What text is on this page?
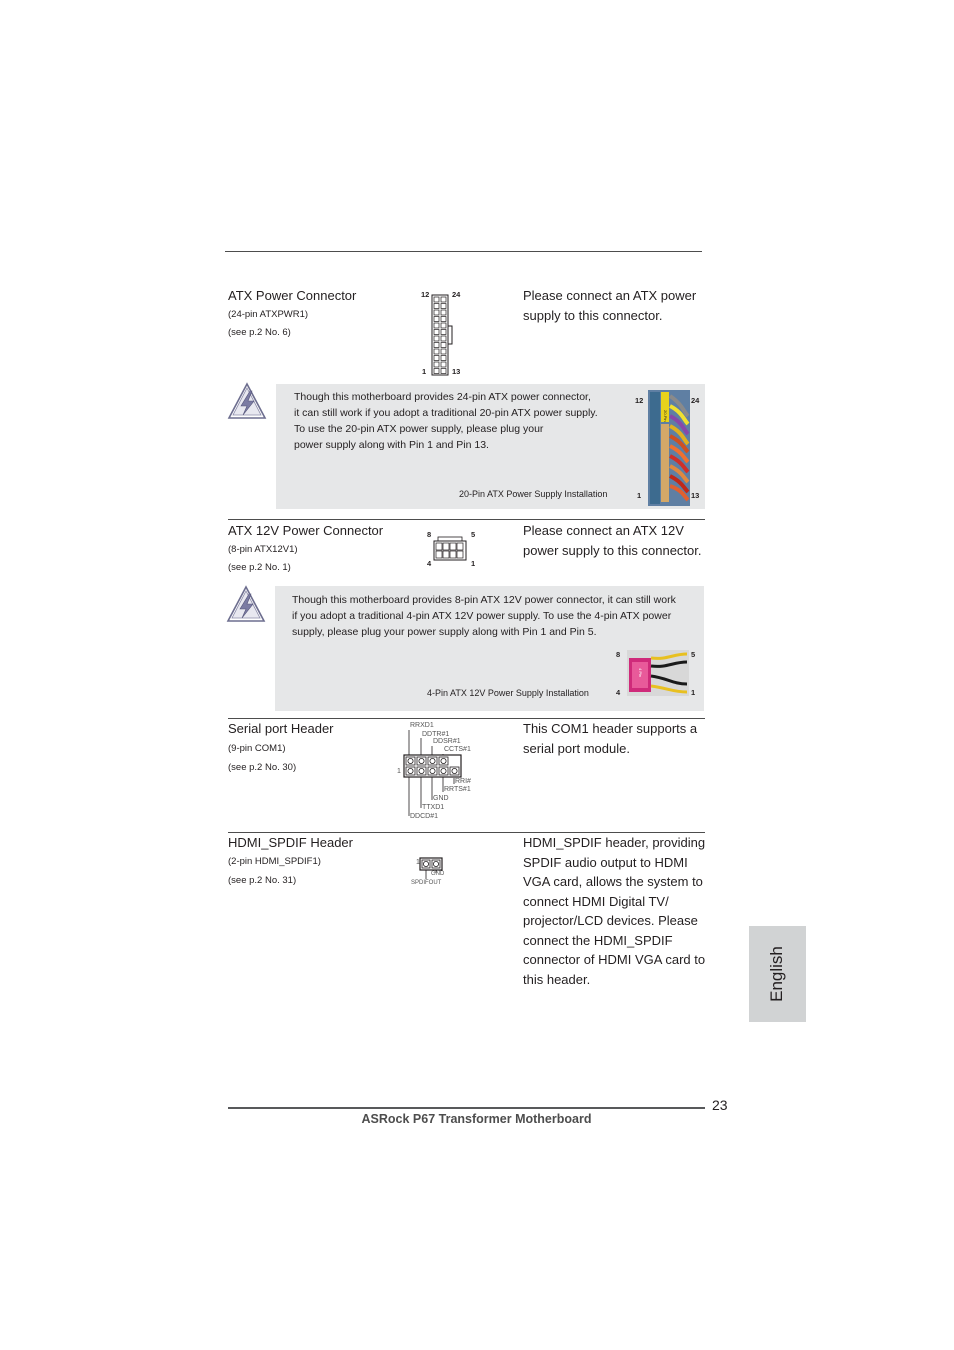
ATX Power Connector
(24-pin ATXPWR1)
(see p.2 No. 6)
Please connect an ATX power supply to this connector.
12	24
1	13
Though this motherboard provides 24-pin ATX power connector,
it can still work if you adopt a traditional 20-pin ATX power supply.
To use the 20-pin ATX power supply, please plug your
power supply along with Pin 1 and Pin 13.
20-Pin ATX Power Supply Installation
12	24
1	13
20-Pin
ATX 12V Power Connector
(8-pin ATX12V1)
(see p.2 No. 1)
Please connect an ATX 12V power supply to this connector.
8	5
4	1
Though this motherboard provides 8-pin ATX 12V power connector, it can still work
if you adopt a traditional 4-pin ATX 12V power supply. To use the 4-pin ATX power
supply, please plug your power supply along with Pin 1 and Pin 5.
4-Pin ATX 12V Power Supply Installation
8	5
4	1
4 Pin
Serial port Header
(9-pin COM1)
(see p.2 No. 30)
This COM1 header supports a serial port module.
RRXD1
DDTR#1
DDSR#1
CCTS#1
1
RRI#
RRTS#1
GND
TTXD1
DDCD#1
HDMI_SPDIF Header
(2-pin HDMI_SPDIF1)
(see p.2 No. 31)
HDMI_SPDIF header, providing
SPDIF audio output to HDMI
VGA card, allows the system to
connect HDMI Digital TV/
projector/LCD devices. Please
connect the HDMI_SPDIF
connector of HDMI VGA card to
this header.
1
GND
SPDIFOUT
English
23
ASRock P67 Transformer Motherboard
